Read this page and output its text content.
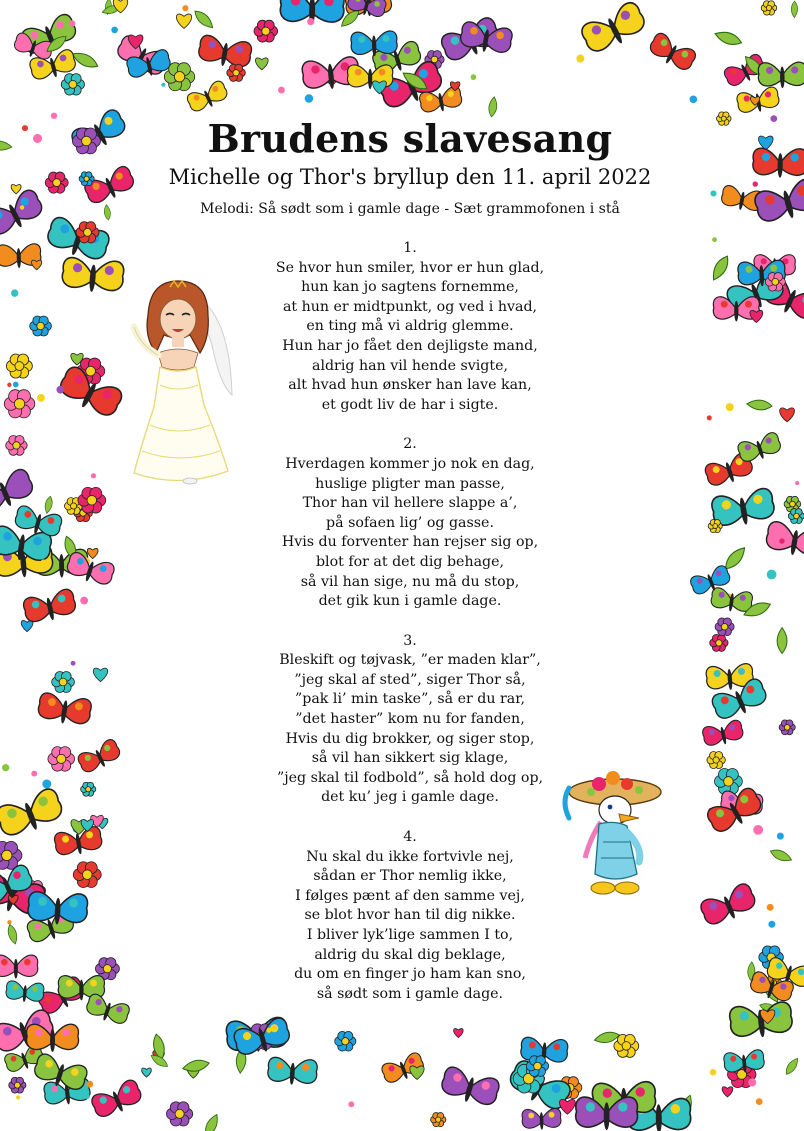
Brudens slavesang
Michelle og Thor's bryllup den 11. april 2022
Melodi: Så sødt som i gamle dage - Sæt grammofonen i stå
1.
Se hvor hun smiler, hvor er hun glad,
hun kan jo sagtens fornemme,
at hun er midtpunkt, og ved i hvad,
en ting må vi aldrig glemme.
Hun har jo fået den dejligste mand,
aldrig han vil hende svigte,
alt hvad hun ønsker han lave kan,
et godt liv de har i sigte.
2.
Hverdagen kommer jo nok en dag,
huslige pligter man passe,
Thor han vil hellere slappe a’,
på sofaen lig’ og gasse.
Hvis du forventer han rejser sig op,
blot for at det dig behage,
så vil han sige, nu må du stop,
det gik kun i gamle dage.
3.
Bleskift og tøjvask, ”er maden klar”,
”jeg skal af sted”, siger Thor så,
”pak li’ min taske”, så er du rar,
”det haster” kom nu for fanden,
Hvis du dig brokker, og siger stop,
så vil han sikkert sig klage,
”jeg skal til fodbold”, så hold dog op,
det ku’ jeg i gamle dage.
4.
Nu skal du ikke fortvivle nej,
sådan er Thor nemlig ikke,
I følges pænt af den samme vej,
se blot hvor han til dig nikke.
I bliver lyk’lige sammen I to,
aldrig du skal dig beklage,
du om en finger jo ham kan sno,
så sødt som i gamle dage.
